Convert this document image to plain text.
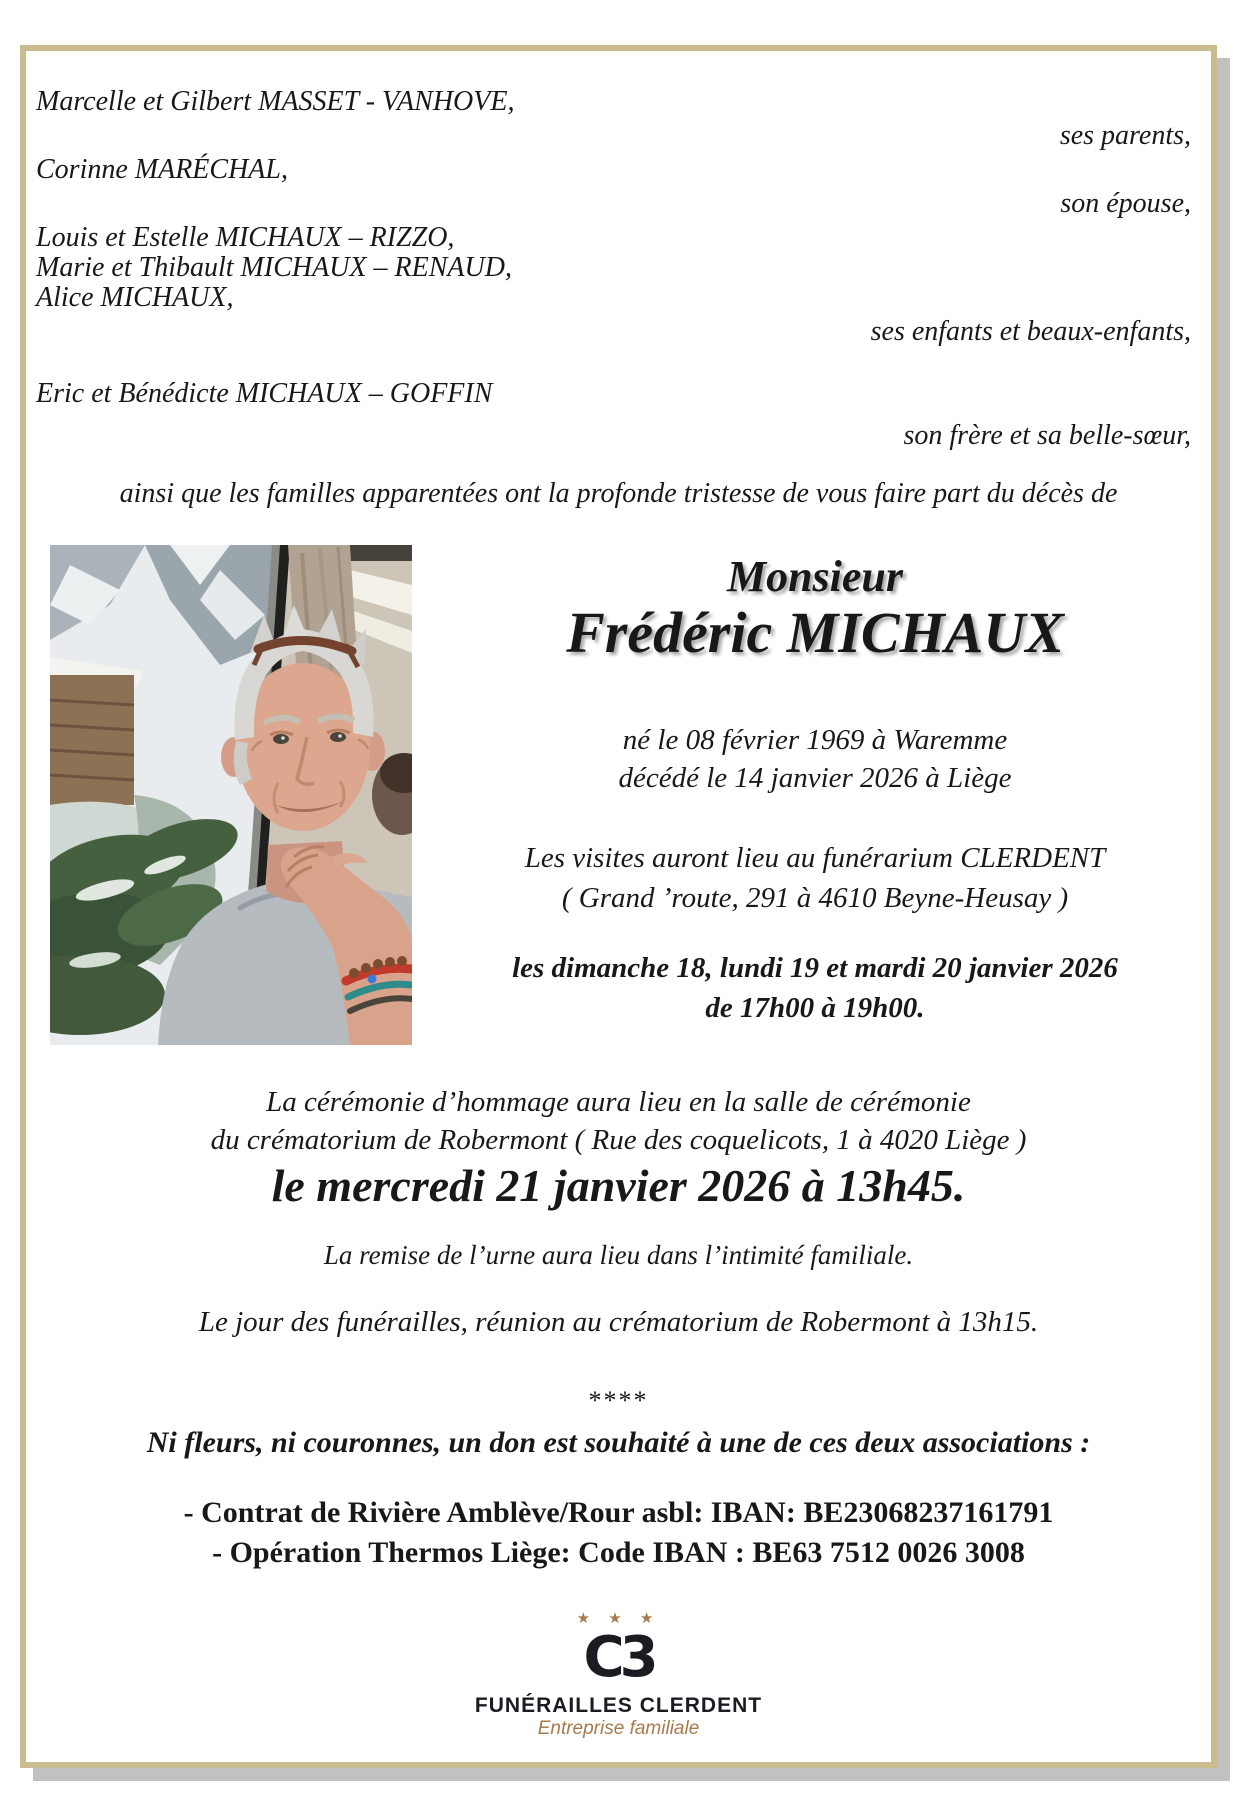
Marcelle et Gilbert MASSET - VANHOVE,
ses parents,
Corinne MARÉCHAL,
son épouse,
Louis et Estelle MICHAUX – RIZZO,
Marie et Thibault MICHAUX – RENAUD,
Alice MICHAUX,
ses enfants et beaux-enfants,
Eric et Bénédicte MICHAUX – GOFFIN
son frère et sa belle-sœur,
ainsi que les familles apparentées ont la profonde tristesse de vous faire part du décès de
Monsieur
Frédéric MICHAUX
né le 08 février 1969 à Waremme
décédé le 14 janvier 2026 à Liège
Les visites auront lieu au funérarium CLERDENT
( Grand ’route, 291 à 4610 Beyne-Heusay )
les dimanche 18, lundi 19 et mardi 20 janvier 2026
de 17h00 à 19h00.
La cérémonie d’hommage aura lieu en la salle de cérémonie
du crématorium de Robermont ( Rue des coquelicots, 1 à 4020 Liège )
le mercredi 21 janvier 2026 à 13h45.
La remise de l’urne aura lieu dans l’intimité familiale.
Le jour des funérailles, réunion au crématorium de Robermont à 13h15.
****
Ni fleurs, ni couronnes, un don est souhaité à une de ces deux associations :
- Contrat de Rivière Amblève/Rour asbl: IBAN: BE23068237161791
- Opération Thermos Liège: Code IBAN : BE63 7512 0026 3008
★ ★ ★
C3
FUNÉRAILLES CLERDENT
Entreprise familiale
